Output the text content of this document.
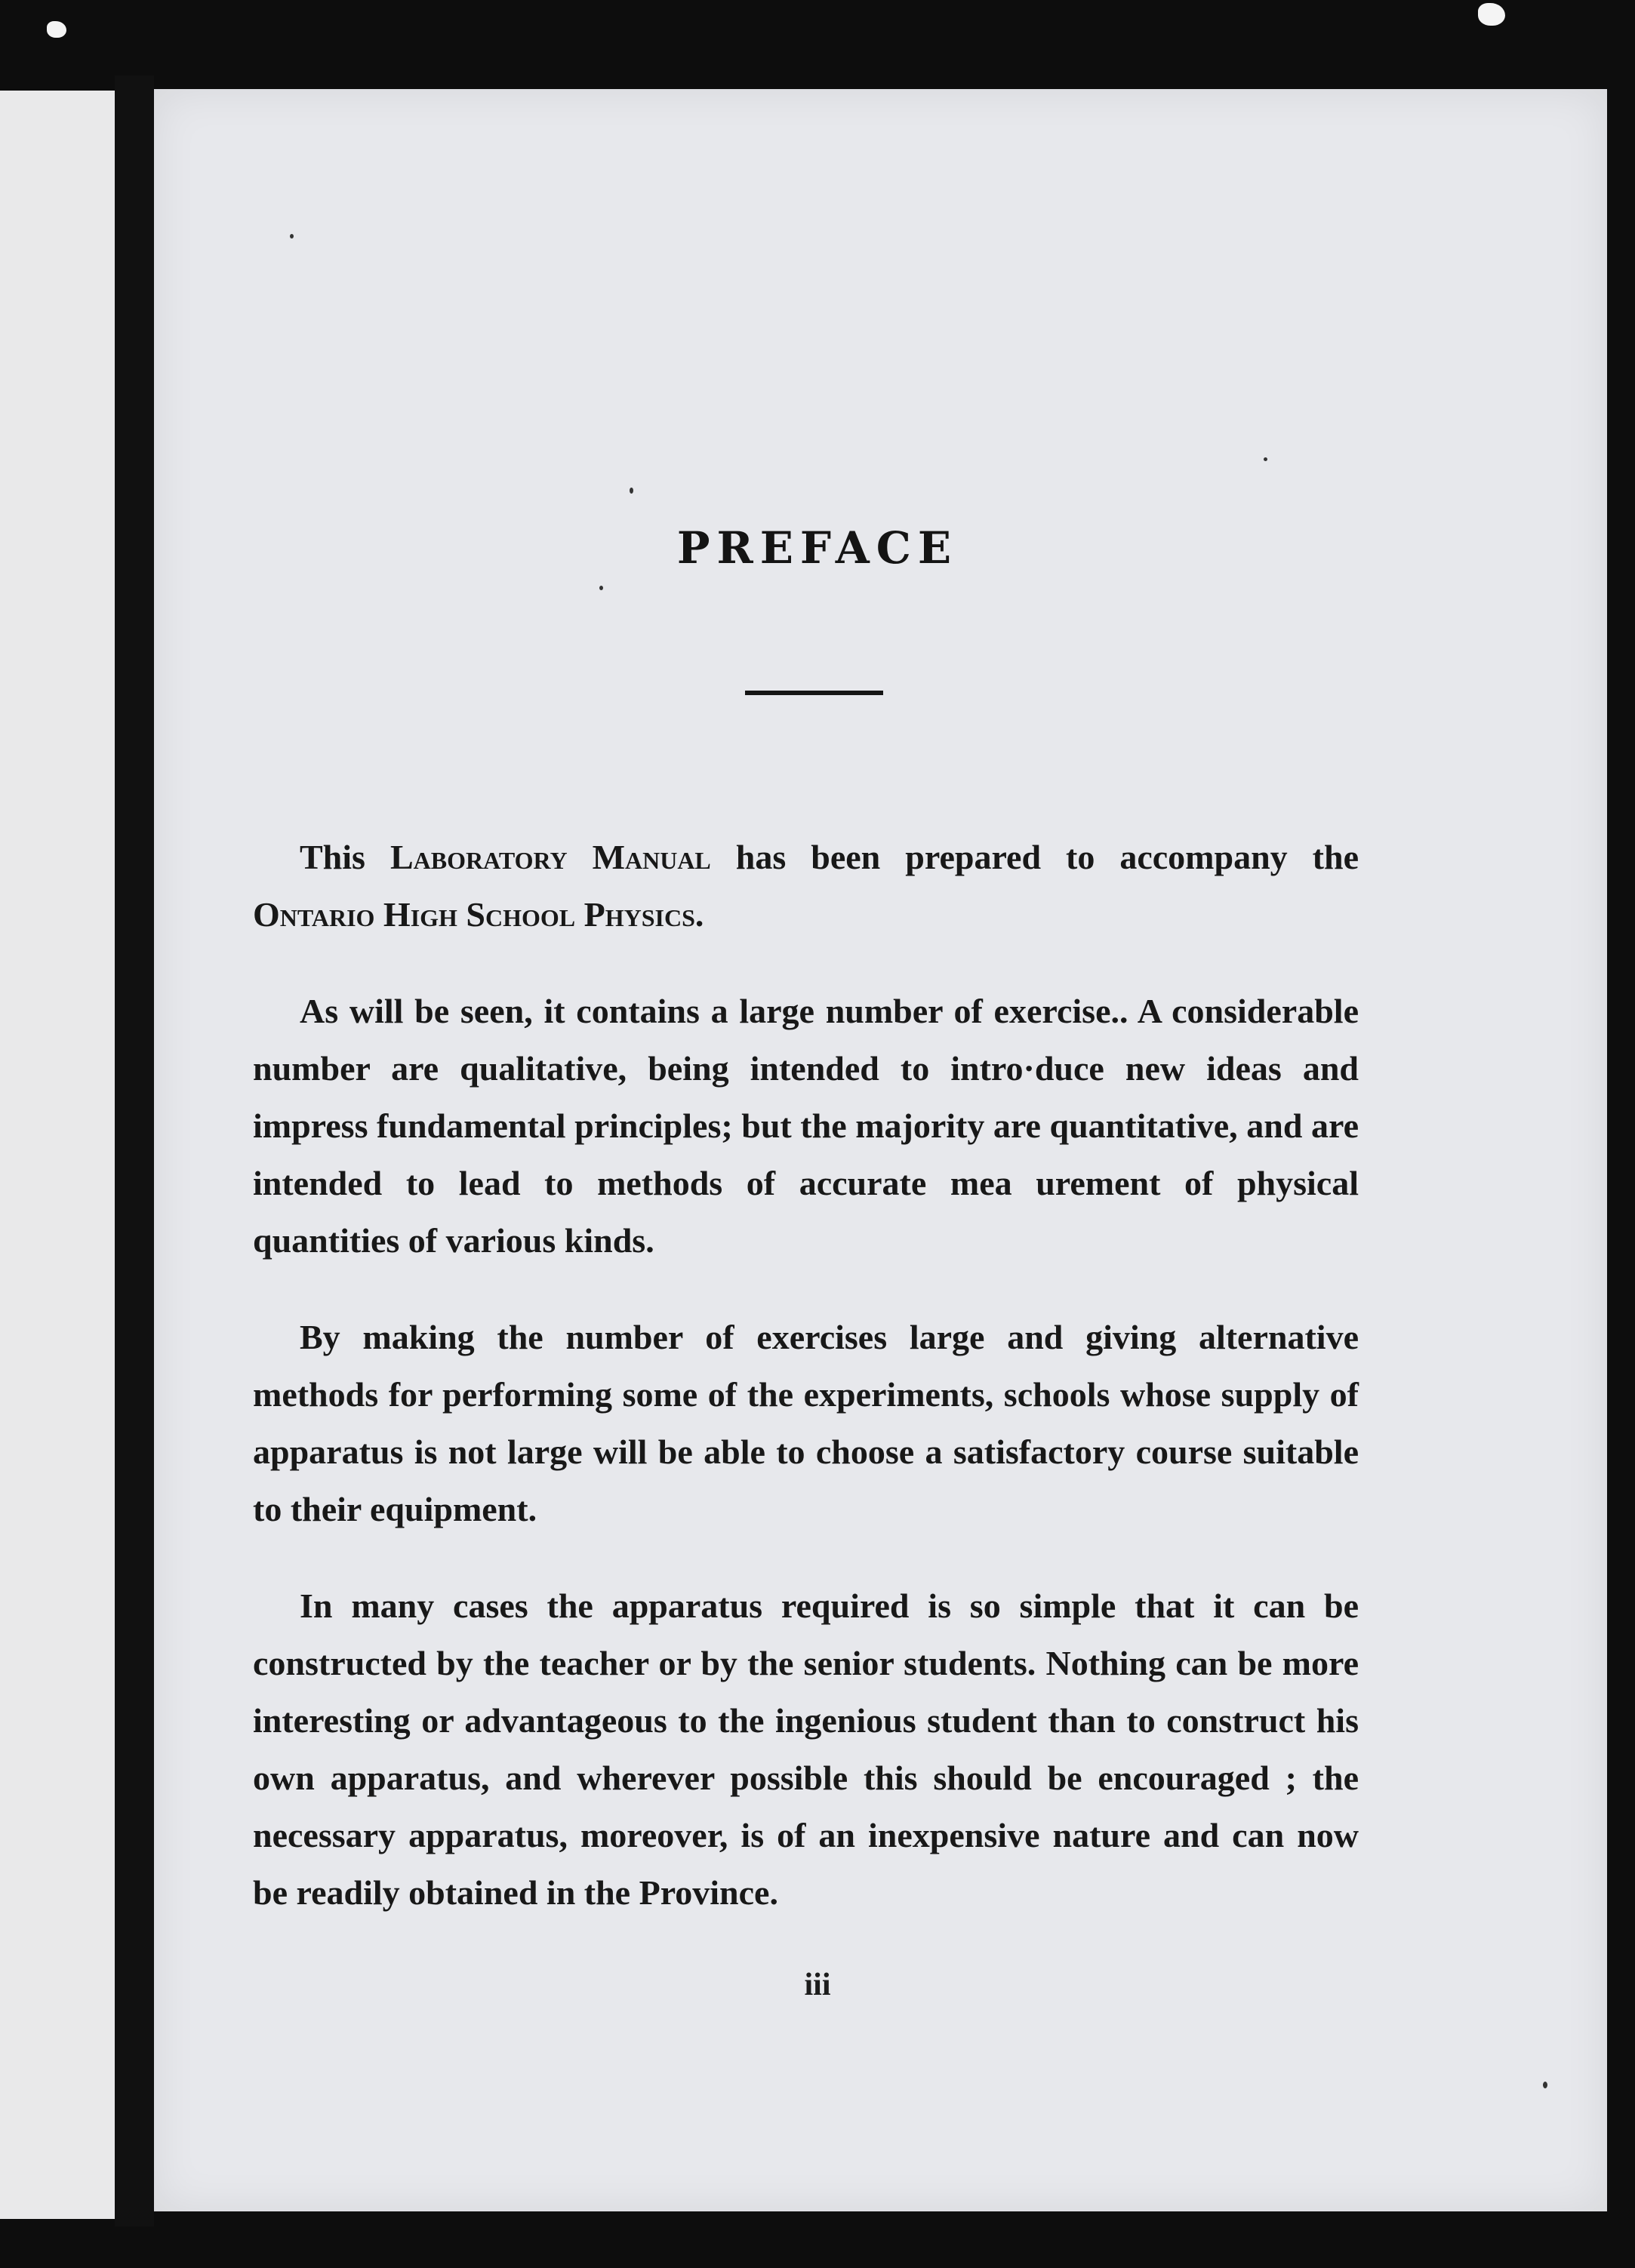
PREFACE

This Laboratory Manual has been prepared to accompany the Ontario High School Physics.

As will be seen, it contains a large number of exercise.. A considerable number are qualitative, being intended to intro·duce new ideas and impress fundamental principles; but the majority are quantitative, and are intended to lead to methods of accurate mea urement of physical quantities of various kinds.

By making the number of exercises large and giving alternative methods for performing some of the experiments, schools whose supply of apparatus is not large will be able to choose a satisfactory course suitable to their equipment.

In many cases the apparatus required is so simple that it can be constructed by the teacher or by the senior students. Nothing can be more interesting or advantageous to the ingenious student than to construct his own apparatus, and wherever possible this should be encouraged ; the necessary apparatus, moreover, is of an inexpensive nature and can now be readily obtained in the Province.

iii
